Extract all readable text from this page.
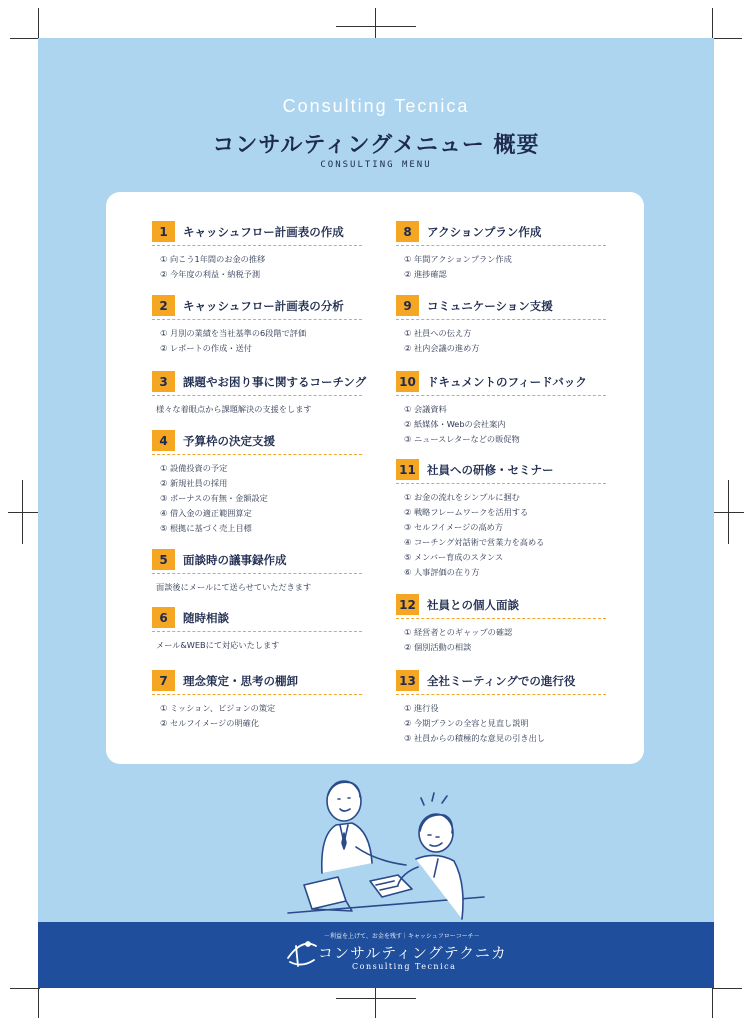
Consulting Tecnica
コンサルティングメニュー 概要
CONSULTING MENU
1	キャッシュフロー計画表の作成
① 向こう1年間のお金の推移
② 今年度の利益・納税予測
2	キャッシュフロー計画表の分析
① 月別の業績を当社基準の6段階で評価
② レポートの作成・送付
3	課題やお困り事に関するコーチング
様々な着眼点から課題解決の支援をします
4	予算枠の決定支援
① 設備投資の予定
② 新規社員の採用
③ ボーナスの有無・金額設定
④ 借入金の適正範囲算定
⑤ 根拠に基づく売上目標
5	面談時の議事録作成
面談後にメールにて送らせていただきます
6	随時相談
メール&WEBにて対応いたします
7	理念策定・思考の棚卸
① ミッション、ビジョンの策定
② セルフイメージの明確化
8	アクションプラン作成
① 年間アクションプラン作成
② 進捗確認
9	コミュニケーション支援
① 社員への伝え方
② 社内会議の進め方
10 ドキュメントのフィードバック
① 会議資料
② 紙媒体・Webの会社案内
③ ニュースレターなどの販促物
11 社員への研修・セミナー
① お金の流れをシンプルに掴む
② 戦略フレームワークを活用する
③ セルフイメージの高め方
④ コーチング対話術で営業力を高める
⑤ メンバー育成のスタンス
⑥ 人事評価の在り方
12 社員との個人面談
① 経営者とのギャップの確認
② 個別活動の相談
13 全社ミーティングでの進行役
① 進行役
② 今期プランの全容と見直し説明
③ 社員からの積極的な意見の引き出し
－利益を上げて、お金を残す｜キャッシュフローコーチ－
コンサルティングテクニカ
Consulting Tecnica
